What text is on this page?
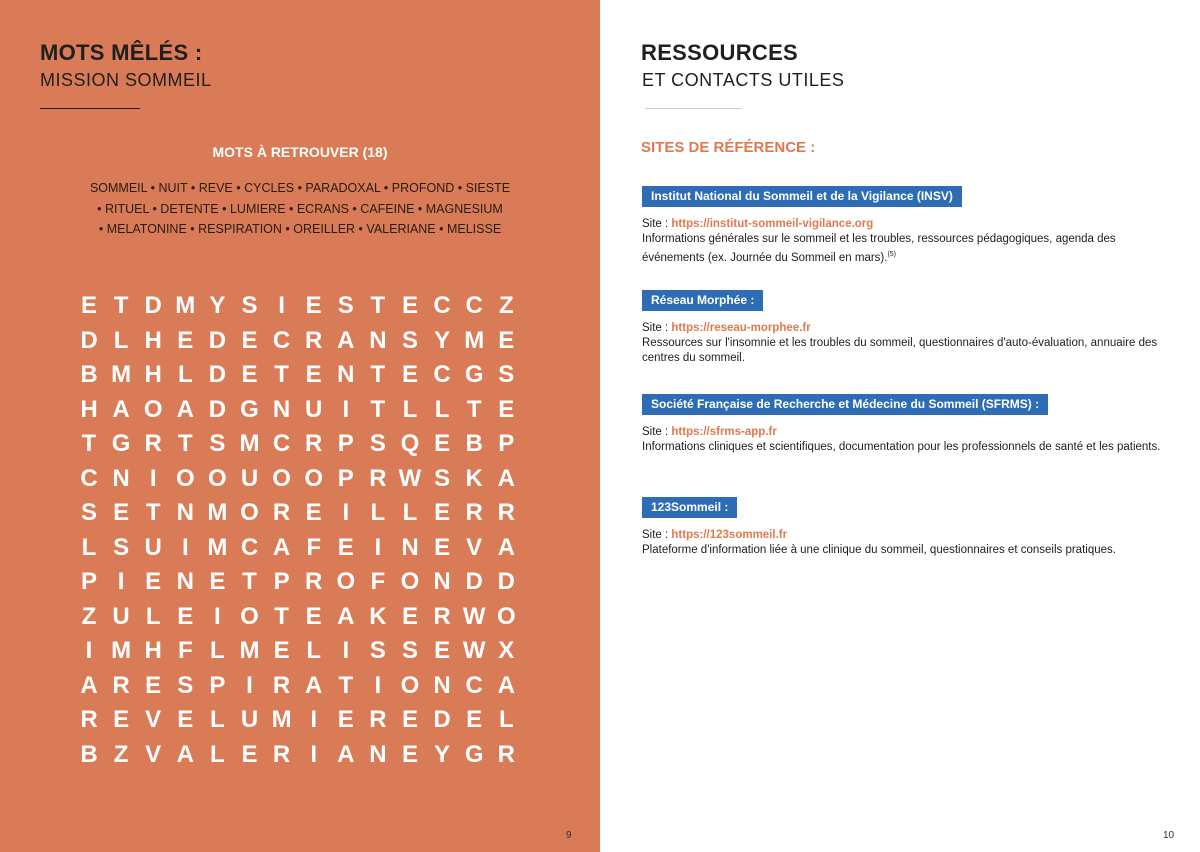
MOTS MÊLÉS :
MISSION SOMMEIL
MOTS À RETROUVER (18)
SOMMEIL • NUIT • REVE • CYCLES • PARADOXAL • PROFOND • SIESTE
• RITUEL • DETENTE • LUMIERE • ECRANS • CAFEINE • MAGNESIUM
• MELATONINE • RESPIRATION • OREILLER • VALERIANE • MELISSE
E T D M Y S I E S T E C C Z
D L H E D E C R A N S Y M E
B M H L D E T E N T E C G S
H A O A D G N U I T L L T E
T G R T S M C R P S Q E B P
C N I O O U O O P R W S K A
S E T N M O R E I L L E R R
L S U I M C A F E I N E V A
P I E N E T P R O F O N D D
Z U L E I O T E A K E R W O
I M H F L M E L I S S E W X
A R E S P I R A T I O N C A
R E V E L U M I E R E D E L
B Z V A L E R I A N E Y G R
9
RESSOURCES
ET CONTACTS UTILES
SITES DE RÉFÉRENCE :
Institut National du Sommeil et de la Vigilance (INSV)
Site : https://institut-sommeil-vigilance.org
Informations générales sur le sommeil et les troubles, ressources pédagogiques, agenda des événements (ex. Journée du Sommeil en mars).$^{(5)}$
Réseau Morphée :
Site : https://reseau-morphee.fr
Ressources sur l'insomnie et les troubles du sommeil, questionnaires d'auto-évaluation, annuaire des centres du sommeil.
Société Française de Recherche et Médecine du Sommeil (SFRMS) :
Site : https://sfrms-app.fr
Informations cliniques et scientifiques, documentation pour les professionnels de santé et les patients.
123Sommeil :
Site : https://123sommeil.fr
Plateforme d'information liée à une clinique du sommeil, questionnaires et conseils pratiques.
10
